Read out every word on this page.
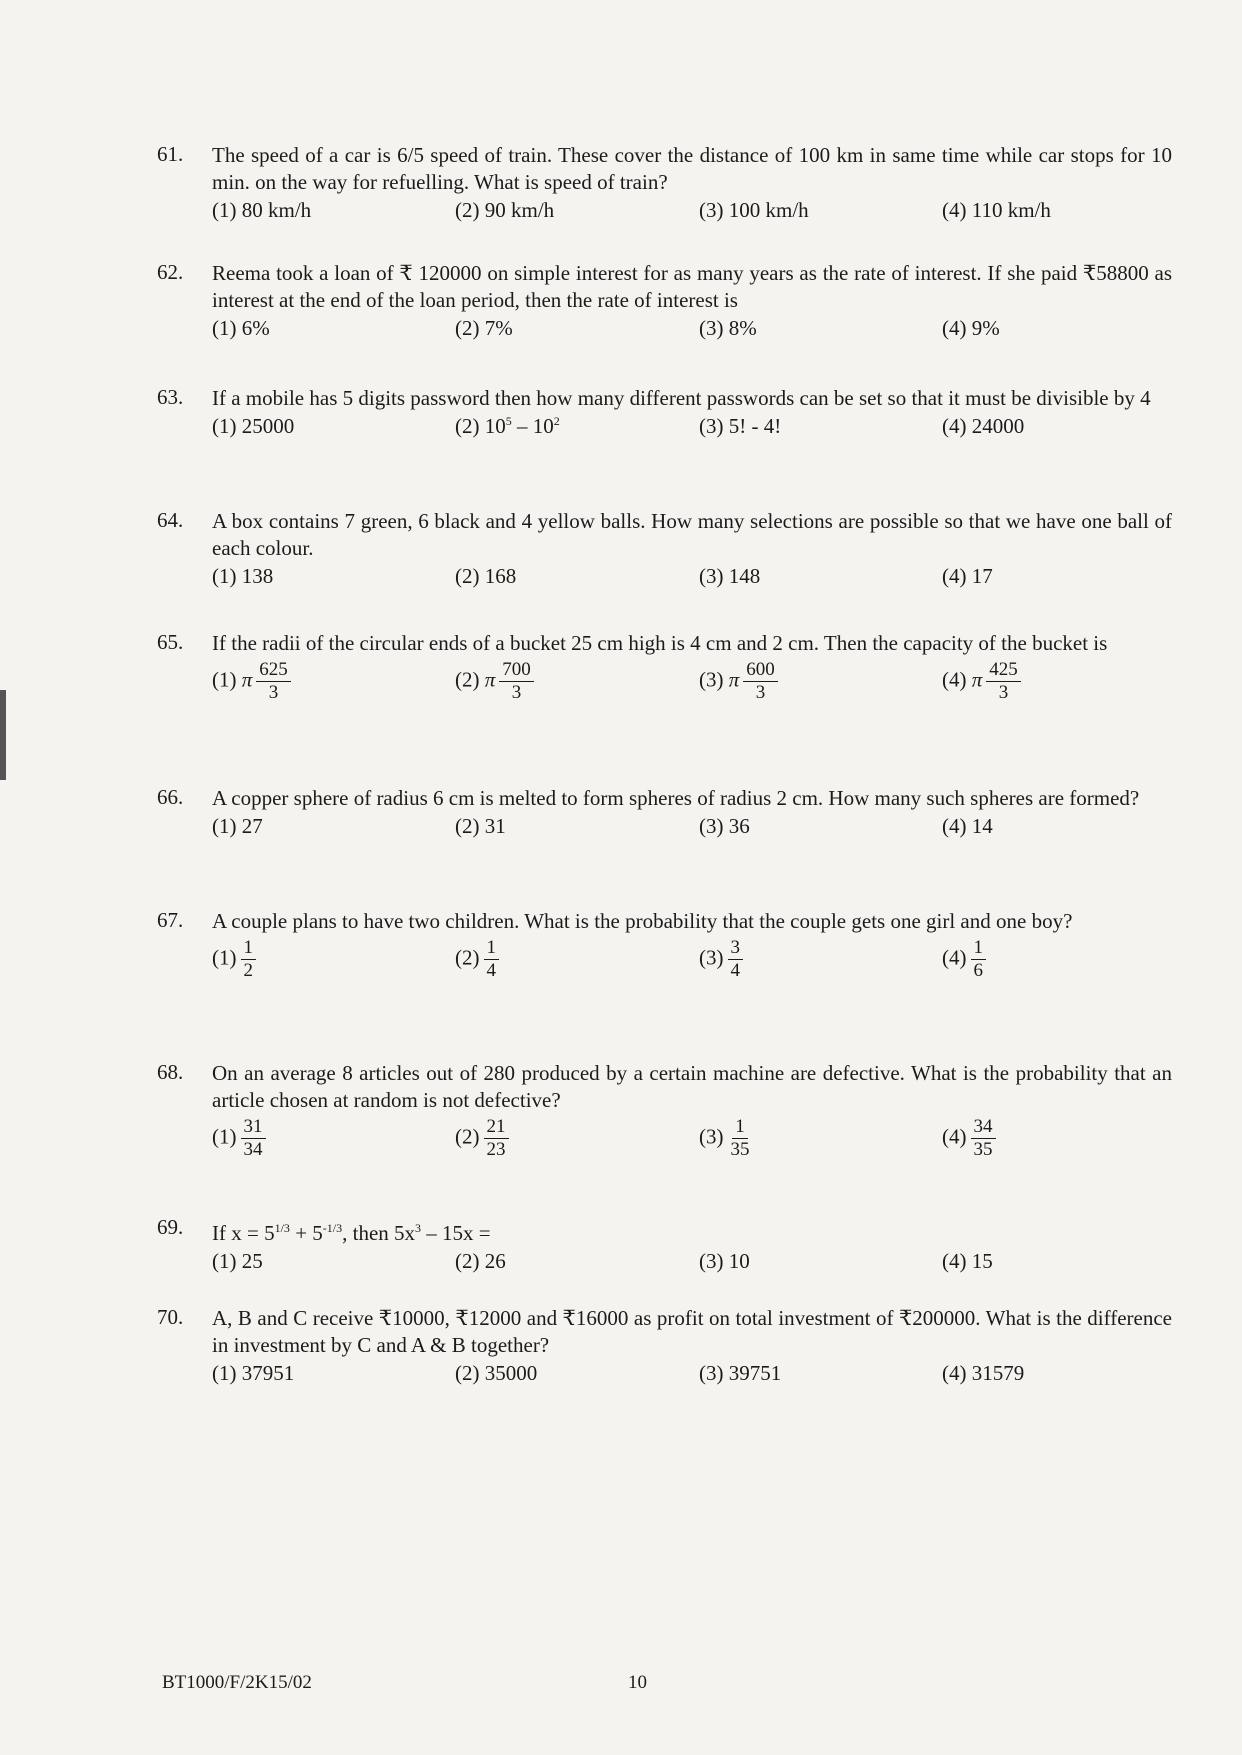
61. The speed of a car is 6/5 speed of train. These cover the distance of 100 km in same time while car stops for 10 min. on the way for refuelling. What is speed of train?
(1) 80 km/h	(2) 90 km/h	(3) 100 km/h	(4) 110 km/h
62. Reema took a loan of ₹ 120000 on simple interest for as many years as the rate of interest. If she paid ₹58800 as interest at the end of the loan period, then the rate of interest is
(1) 6%	(2) 7%	(3) 8%	(4) 9%
63. If a mobile has 5 digits password then how many different passwords can be set so that it must be divisible by 4
(1) 25000	(2) $10^5 - 10^2$	(3) 5! - 4!	(4) 24000
64. A box contains 7 green, 6 black and 4 yellow balls. How many selections are possible so that we have one ball of each colour.
(1) 138	(2) 168	(3) 148	(4) 17
65. If the radii of the circular ends of a bucket 25 cm high is 4 cm and 2 cm. Then the capacity of the bucket is
(1) π $\frac{625}{3}$	(2) π $\frac{700}{3}$	(3) π $\frac{600}{3}$	(4) π $\frac{425}{3}$
66. A copper sphere of radius 6 cm is melted to form spheres of radius 2 cm. How many such spheres are formed?
(1) 27	(2) 31	(3) 36	(4) 14
67. A couple plans to have two children. What is the probability that the couple gets one girl and one boy?
$(1) \frac{1}{2}$	$(2) \frac{1}{4}$	$(3) \frac{3}{4}$	$(4) \frac{1}{6}$
68. On an average 8 articles out of 280 produced by a certain machine are defective. What is the probability that an article chosen at random is not defective?
$(1) \frac{31}{34}$	$(2) \frac{21}{23}$	$(3) \frac{1}{35}$	$(4) \frac{34}{35}$
69. If $x = 5^{1/3} + 5^{-1/3}$, then $5x^3 - 15x$ =
(1) 25	(2) 26	(3) 10	(4) 15
70. A, B and C receive ₹10000, ₹12000 and ₹16000 as profit on total investment of ₹200000. What is the difference in investment by C and A & B together?
(1) 37951	(2) 35000	(3) 39751	(4) 31579
BT1000/F/2K15/02	10
